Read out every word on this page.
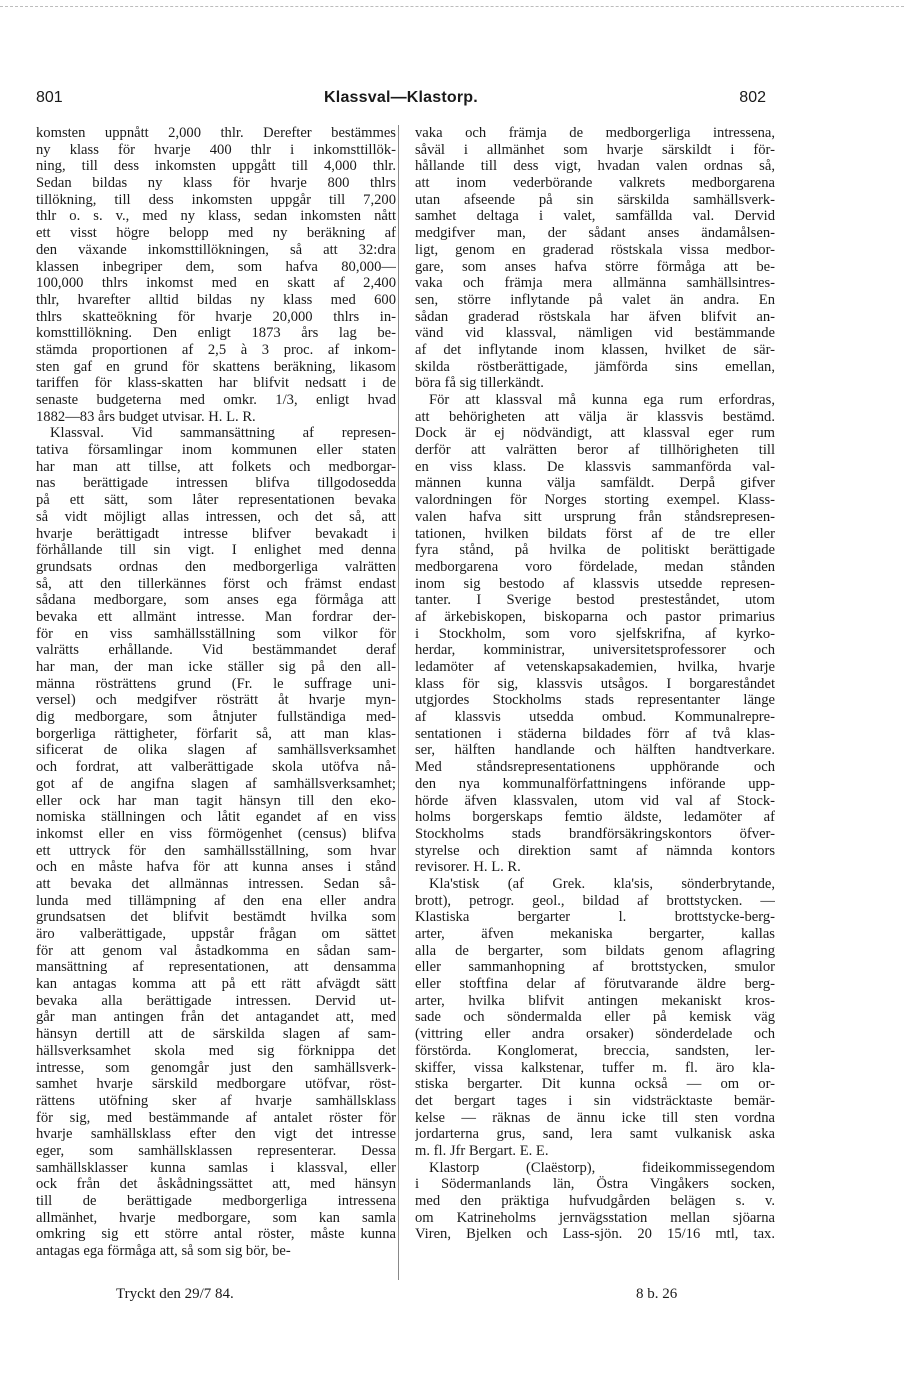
801	Klassval—Klastorp.	802
komsten uppnått 2,000 thlr. Derefter bestämmes
ny klass för hvarje 400 thlr i inkomsttillök-
ning, till dess inkomsten uppgått till 4,000 thlr.
Sedan bildas ny klass för hvarje 800 thlrs
tillökning, till dess inkomsten uppgår till 7,200
thlr o. s. v., med ny klass, sedan inkomsten nått
ett visst högre belopp med ny beräkning af
den växande inkomsttillökningen, så att 32:dra
klassen inbegriper dem, som hafva 80,000—
100,000 thlrs inkomst med en skatt af 2,400
thlr, hvarefter alltid bildas ny klass med 600
thlrs skatteökning för hvarje 20,000 thlrs in-
komsttillökning. Den enligt 1873 års lag be-
stämda proportionen af 2,5 à 3 proc. af inkom-
sten gaf en grund för skattens beräkning, likasom
tariffen för klass-skatten har blifvit nedsatt i de
senaste budgeterna med omkr. 1/3, enligt hvad
1882—83 års budget utvisar. H. L. R.
Klassval. Vid sammansättning af represen-
tativa församlingar inom kommunen eller staten
har man att tillse, att folkets och medborgar-
nas berättigade intressen blifva tillgodosedda
på ett sätt, som låter representationen bevaka
så vidt möjligt allas intressen, och det så, att
hvarje berättigadt intresse blifver bevakadt i
förhållande till sin vigt. I enlighet med denna
grundsats ordnas den medborgerliga valrätten
så, att den tillerkännes först och främst endast
sådana medborgare, som anses ega förmåga att
bevaka ett allmänt intresse. Man fordrar der-
för en viss samhällsställning som vilkor för
valrätts erhållande. Vid bestämmandet deraf
har man, der man icke ställer sig på den all-
männa rösträttens grund (Fr. le suffrage uni-
versel) och medgifver rösträtt åt hvarje myn-
dig medborgare, som åtnjuter fullständiga med-
borgerliga rättigheter, förfarit så, att man klas-
sificerat de olika slagen af samhällsverksamhet
och fordrat, att valberättigade skola utöfva nå-
got af de angifna slagen af samhällsverksamhet;
eller ock har man tagit hänsyn till den eko-
nomiska ställningen och låtit egandet af en viss
inkomst eller en viss förmögenhet (census) blifva
ett uttryck för den samhällsställning, som hvar
och en måste hafva för att kunna anses i stånd
att bevaka det allmännas intressen. Sedan så-
lunda med tillämpning af den ena eller andra
grundsatsen det blifvit bestämdt hvilka som
äro valberättigade, uppstår frågan om sättet
för att genom val åstadkomma en sådan sam-
mansättning af representationen, att densamma
kan antagas komma att på ett rätt afvägdt sätt
bevaka alla berättigade intressen. Dervid ut-
går man antingen från det antagandet att, med
hänsyn dertill att de särskilda slagen af sam-
hällsverksamhet skola med sig förknippa det
intresse, som genomgår just den samhällsverk-
samhet hvarje särskild medborgare utöfvar, röst-
rättens utöfning sker af hvarje samhällsklass
för sig, med bestämmande af antalet röster för
hvarje samhällsklass efter den vigt det intresse
eger, som samhällsklassen representerar. Dessa
samhällsklasser kunna samlas i klassval, eller
ock från det åskådningssättet att, med hänsyn
till de berättigade medborgerliga intressena
allmänhet, hvarje medborgare, som kan samla
omkring sig ett större antal röster, måste kunna
antagas ega förmåga att, så som sig bör, be-
vaka och främja de medborgerliga intressena,
såväl i allmänhet som hvarje särskildt i för-
hållande till dess vigt, hvadan valen ordnas så,
att inom vederbörande valkrets medborgarena
utan afseende på sin särskilda samhällsverk-
samhet deltaga i valet, samfällda val. Dervid
medgifver man, der sådant anses ändamålsen-
ligt, genom en graderad röstskala vissa medbor-
gare, som anses hafva större förmåga att be-
vaka och främja mera allmänna samhällsintres-
sen, större inflytande på valet än andra. En
sådan graderad röstskala har äfven blifvit an-
vänd vid klassval, nämligen vid bestämmande
af det inflytande inom klassen, hvilket de sär-
skilda röstberättigade, jämförda sins emellan,
böra få sig tillerkändt.
För att klassval må kunna ega rum erfordras,
att behörigheten att välja är klassvis bestämd.
Dock är ej nödvändigt, att klassval eger rum
derför att valrätten beror af tillhörigheten till
en viss klass. De klassvis sammanförda val-
männen kunna välja samfäldt. Derpå gifver
valordningen för Norges storting exempel. Klass-
valen hafva sitt ursprung från ståndsrepresen-
tationen, hvilken bildats först af de tre eller
fyra stånd, på hvilka de politiskt berättigade
medborgarena voro fördelade, medan stånden
inom sig bestodo af klassvis utsedde represen-
tanter. I Sverige bestod presteståndet, utom
af ärkebiskopen, biskoparna och pastor primarius
i Stockholm, som voro sjelfskrifna, af kyrko-
herdar, komministrar, universitetsprofessorer och
ledamöter af vetenskapsakademien, hvilka, hvarje
klass för sig, klassvis utsågos. I borgareståndet
utgjordes Stockholms stads representanter länge
af klassvis utsedda ombud. Kommunalrepre-
sentationen i städerna bildades förr af två klas-
ser, hälften handlande och hälften handtverkare.
Med ståndsrepresentationens upphörande och
den nya kommunalförfattningens införande upp-
hörde äfven klassvalen, utom vid val af Stock-
holms borgerskaps femtio äldste, ledamöter af
Stockholms stads brandförsäkringskontors öfver-
styrelse och direktion samt af nämnda kontors
revisorer. H. L. R.
Kla'stisk (af Grek. kla'sis, sönderbrytande,
brott), petrogr. geol., bildad af brottstycken. —
Klastiska bergarter l. brottstycke-berg-
arter, äfven mekaniska bergarter, kallas
alla de bergarter, som bildats genom aflagring
eller sammanhopning af brottstycken, smulor
eller stoftfina delar af förutvarande äldre berg-
arter, hvilka blifvit antingen mekaniskt kros-
sade och söndermalda eller på kemisk väg
(vittring eller andra orsaker) sönderdelade och
förstörda. Konglomerat, breccia, sandsten, ler-
skiffer, vissa kalkstenar, tuffer m. fl. äro kla-
stiska bergarter. Dit kunna också — om or-
det bergart tages i sin vidsträcktaste bemär-
kelse — räknas de ännu icke till sten vordna
jordarterna grus, sand, lera samt vulkanisk aska
m. fl. Jfr Bergart. E. E.
Klastorp (Claëstorp), fideikommissegendom
i Södermanlands län, Östra Vingåkers socken,
med den präktiga hufvudgården belägen s. v.
om Katrineholms jernvägsstation mellan sjöarna
Viren, Bjelken och Lass-sjön. 20 15/16 mtl, tax.
Tryckt den 29/7 84.	8 b. 26
